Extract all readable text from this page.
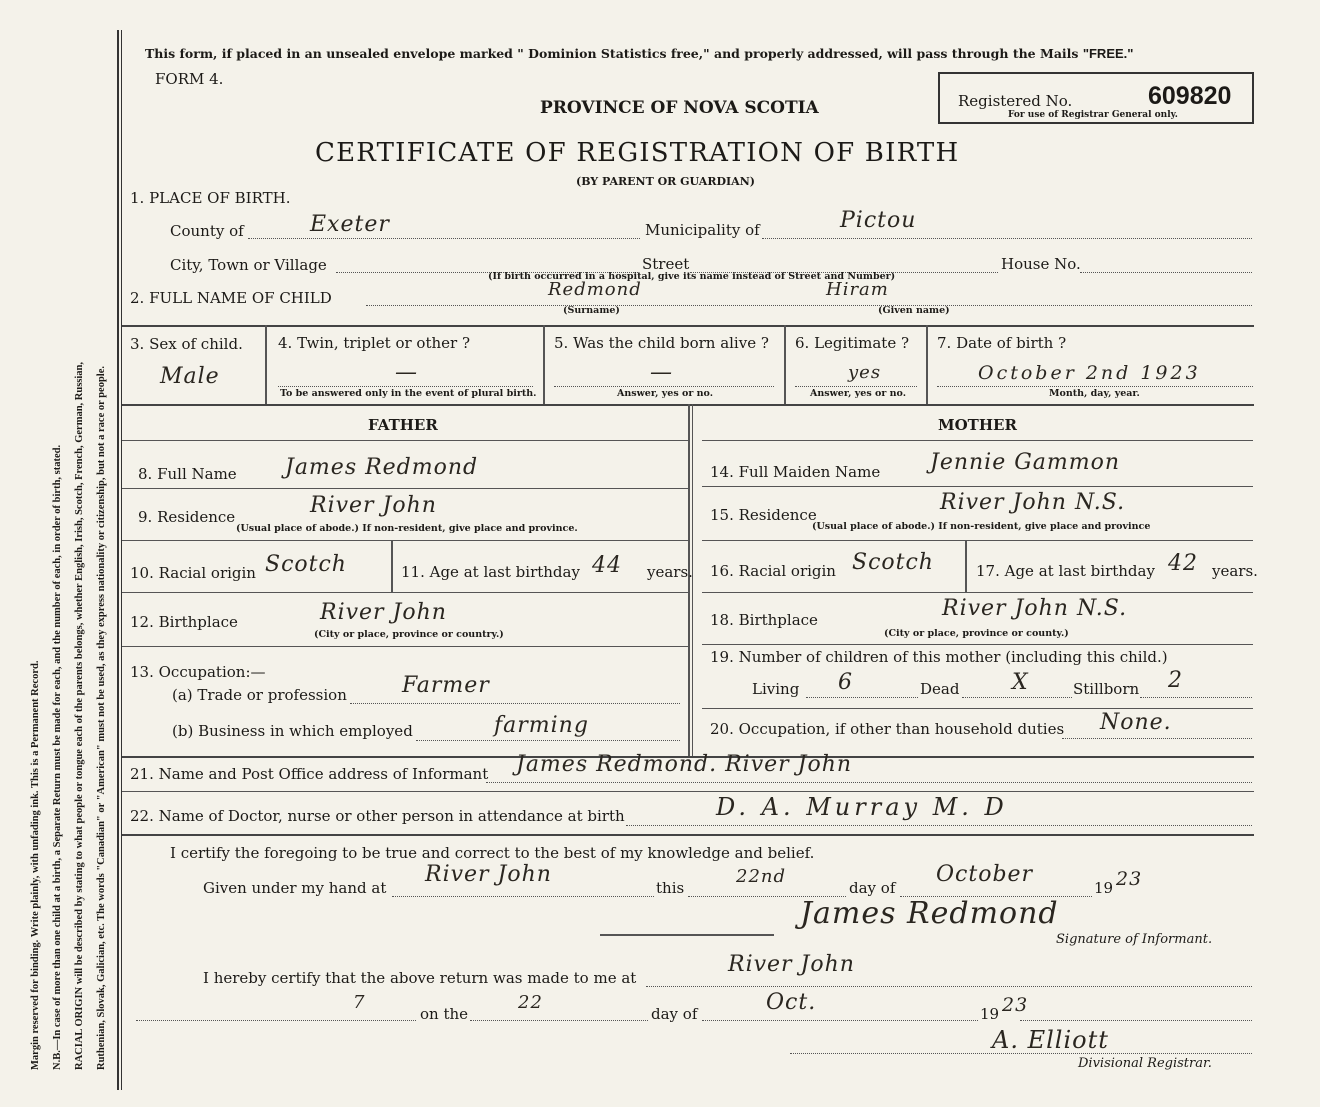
Margin reserved for binding. Write plainly, with unfading ink. This is a Permanent Record. N.B.—In case of more than one child at a birth, a Separate Return must be made for each, and the number of each, in order of birth, stated. RACIAL ORIGIN will be described by stating to what people or tongue each of the parents belongs, whether English, Irish, Scotch, French, German, Russian, Ruthenian, Slovak, Galician, etc. The words "Canadian" or "American" must not be used, as they express nationality or citizenship, but not a race or people.
This form, if placed in an unsealed envelope marked " Dominion Statistics free," and properly addressed, will pass through the Mails "FREE."
FORM 4.
PROVINCE OF NOVA SCOTIA	Registered No.	609820
For use of Registrar General only.
CERTIFICATE OF REGISTRATION OF BIRTH
(BY PARENT OR GUARDIAN)
1. PLACE OF BIRTH.
County of	Exeter	Municipality of	Pictou
City, Town or Village	Street	House No.
(If birth occurred in a hospital, give its name instead of Street and Number)
2. FULL NAME OF CHILD	Redmond	Hiram
(Surname)	(Given name)
3. Sex of child.
Male
4. Twin, triplet or other ?
—
To be answered only in the event of plural birth.
5. Was the child born alive ?
—
Answer, yes or no.
6. Legitimate ?
yes
Answer, yes or no.
7. Date of birth ?
October 2nd 1923
Month, day, year.
FATHER	MOTHER
8. Full Name James Redmond
9. Residence	River John
(Usual place of abode.) If non-resident, give place and province.
10. Racial origin Scotch	11. Age at last birthday 44 years.
12. Birthplace	River John
(City or place, province or country.)
13. Occupation:—
(a) Trade or profession	Farmer
(b) Business in which employed	farming
14. Full Maiden Name Jennie Gammon
15. Residence	River John N.S.
(Usual place of abode.) If non-resident, give place and province
16. Racial origin Scotch	17. Age at last birthday 42 years.
18. Birthplace	River John N.S.
(City or place, province or county.)
19. Number of children of this mother (including this child.)
Living 6	Dead X	Stillborn 2
20. Occupation, if other than household duties None.
21. Name and Post Office address of Informant James Redmond. River John
22. Name of Doctor, nurse or other person in attendance at birth	D. A. Murray M. D
I certify the foregoing to be true and correct to the best of my knowledge and belief.
Given under my hand at
River John
this
22nd
day of
October
19 23
James Redmond
Signature of Informant.
I hereby certify that the above return was made to me at
River John
7
on the
22
day of	Oct.	19 23
A. Elliott
Divisional Registrar.
